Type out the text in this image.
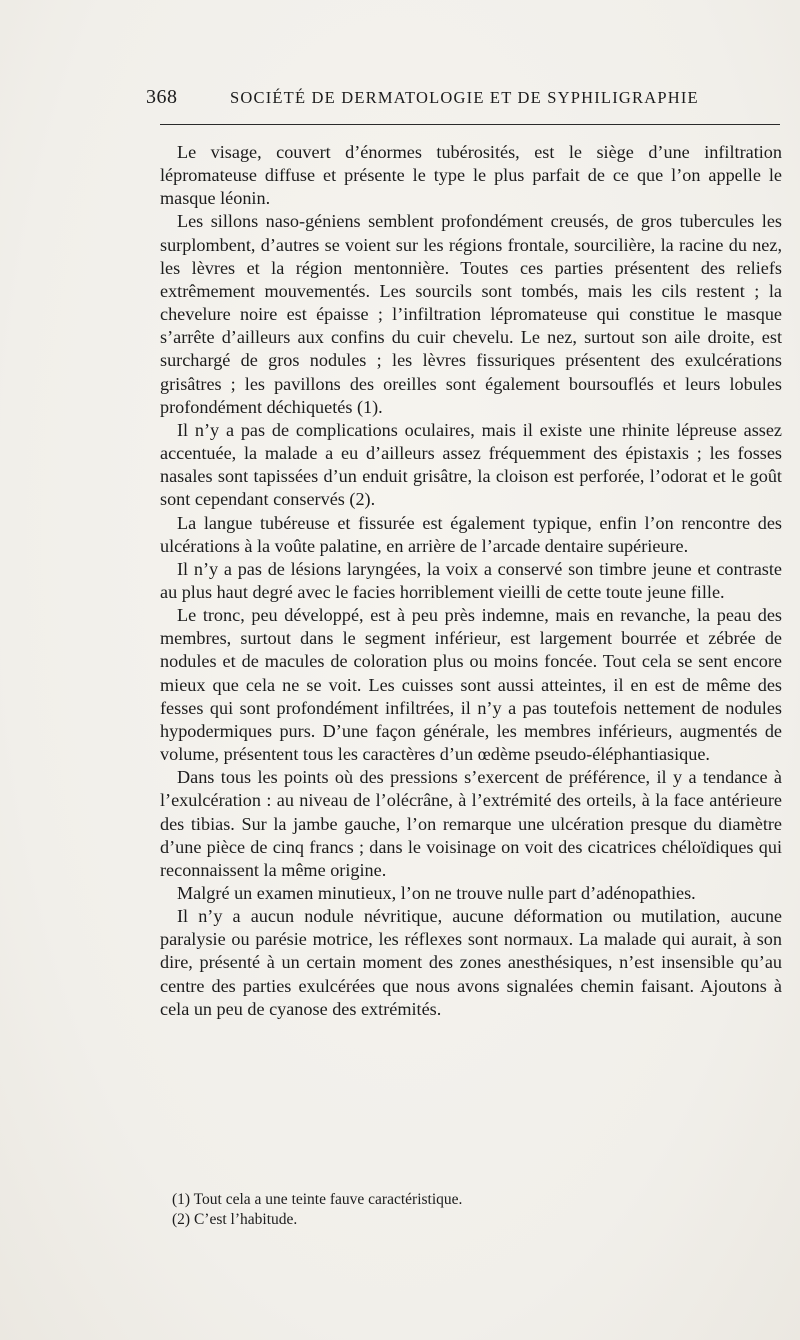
368	SOCIÉTÉ DE DERMATOLOGIE ET DE SYPHILIGRAPHIE

Le visage, couvert d’énormes tubérosités, est le siège d’une infiltration lépromateuse diffuse et présente le type le plus parfait de ce que l’on appelle le masque léonin.

Les sillons naso-géniens semblent profondément creusés, de gros tubercules les surplombent, d’autres se voient sur les régions frontale, sourcilière, la racine du nez, les lèvres et la région mentonnière. Toutes ces parties présentent des reliefs extrêmement mouvementés. Les sourcils sont tombés, mais les cils restent ; la chevelure noire est épaisse ; l’infiltration lépromateuse qui constitue le masque s’arrête d’ailleurs aux confins du cuir chevelu. Le nez, surtout son aile droite, est surchargé de gros nodules ; les lèvres fissuriques présentent des exulcérations grisâtres ; les pavillons des oreilles sont également boursouflés et leurs lobules profondément déchiquetés (1).

Il n’y a pas de complications oculaires, mais il existe une rhinite lépreuse assez accentuée, la malade a eu d’ailleurs assez fréquemment des épistaxis ; les fosses nasales sont tapissées d’un enduit grisâtre, la cloison est perforée, l’odorat et le goût sont cependant conservés (2).

La langue tubéreuse et fissurée est également typique, enfin l’on rencontre des ulcérations à la voûte palatine, en arrière de l’arcade dentaire supérieure.

Il n’y a pas de lésions laryngées, la voix a conservé son timbre jeune et contraste au plus haut degré avec le facies horriblement vieilli de cette toute jeune fille.

Le tronc, peu développé, est à peu près indemne, mais en revanche, la peau des membres, surtout dans le segment inférieur, est largement bourrée et zébrée de nodules et de macules de coloration plus ou moins foncée. Tout cela se sent encore mieux que cela ne se voit. Les cuisses sont aussi atteintes, il en est de même des fesses qui sont profondément infiltrées, il n’y a pas toutefois nettement de nodules hypodermiques purs. D’une façon générale, les membres inférieurs, augmentés de volume, présentent tous les caractères d’un œdème pseudo-éléphantiasique.

Dans tous les points où des pressions s’exercent de préférence, il y a tendance à l’exulcération : au niveau de l’olécrâne, à l’extrémité des orteils, à la face antérieure des tibias. Sur la jambe gauche, l’on remarque une ulcération presque du diamètre d’une pièce de cinq francs ; dans le voisinage on voit des cicatrices chéloïdiques qui reconnaissent la même origine.

Malgré un examen minutieux, l’on ne trouve nulle part d’adénopathies.

Il n’y a aucun nodule névritique, aucune déformation ou mutilation, aucune paralysie ou parésie motrice, les réflexes sont normaux. La malade qui aurait, à son dire, présenté à un certain moment des zones anesthésiques, n’est insensible qu’au centre des parties exulcérées que nous avons signalées chemin faisant. Ajoutons à cela un peu de cyanose des extrémités.

(1) Tout cela a une teinte fauve caractéristique.
(2) C’est l’habitude.
